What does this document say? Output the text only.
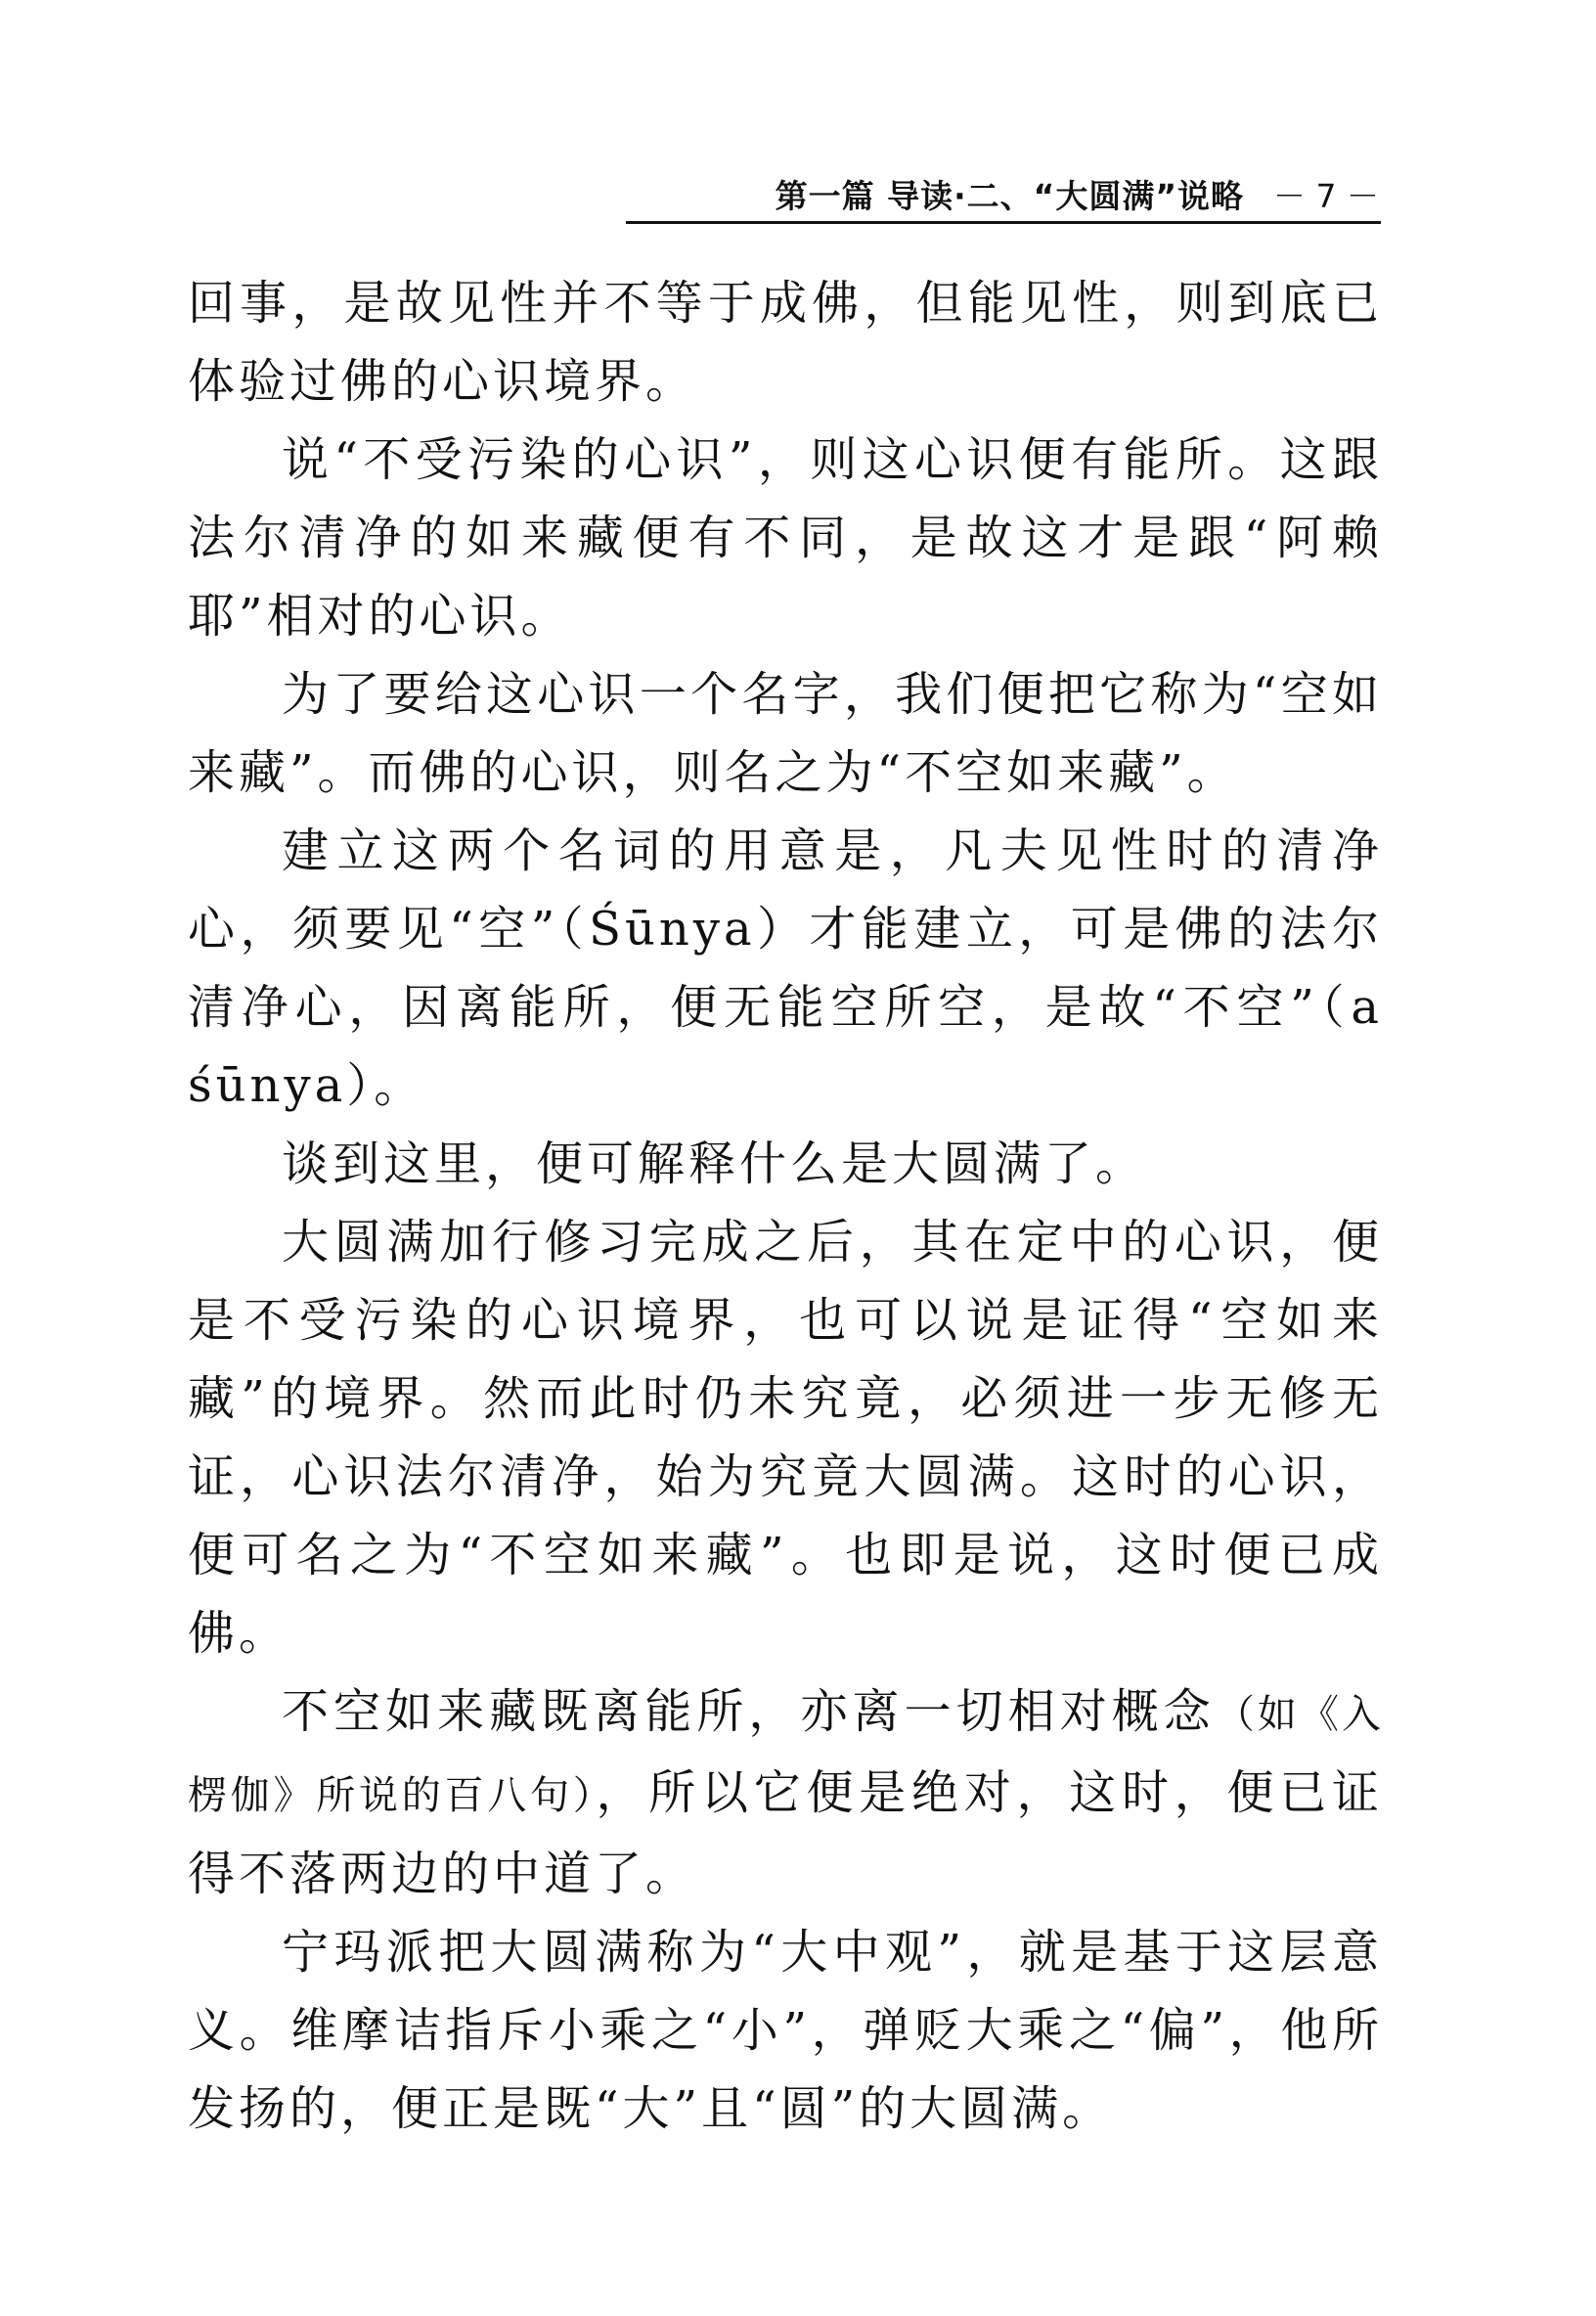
第一篇 导读·二、“大圆满”说略 － 7 －

回事，是故见性并不等于成佛，但能见性，则到底已体验过佛的心识境界。

说“不受污染的心识”，则这心识便有能所。这跟法尔清净的如来藏便有不同，是故这才是跟“阿赖耶”相对的心识。

为了要给这心识一个名字，我们便把它称为“空如来藏”。而佛的心识，则名之为“不空如来藏”。

建立这两个名词的用意是，凡夫见性时的清净心，须要见“空”（Śūnya）才能建立，可是佛的法尔清净心，因离能所，便无能空所空，是故“不空”（a śūnya）。

谈到这里，便可解释什么是大圆满了。

大圆满加行修习完成之后，其在定中的心识，便是不受污染的心识境界，也可以说是证得“空如来藏”的境界。然而此时仍未究竟，必须进一步无修无证，心识法尔清净，始为究竟大圆满。这时的心识，便可名之为“不空如来藏”。也即是说，这时便已成佛。

不空如来藏既离能所，亦离一切相对概念（如《入楞伽》所说的百八句），所以它便是绝对，这时，便已证得不落两边的中道了。

宁玛派把大圆满称为“大中观”，就是基于这层意义。维摩诘指斥小乘之“小”，弹贬大乘之“偏”，他所发扬的，便正是既“大”且“圆”的大圆满。
